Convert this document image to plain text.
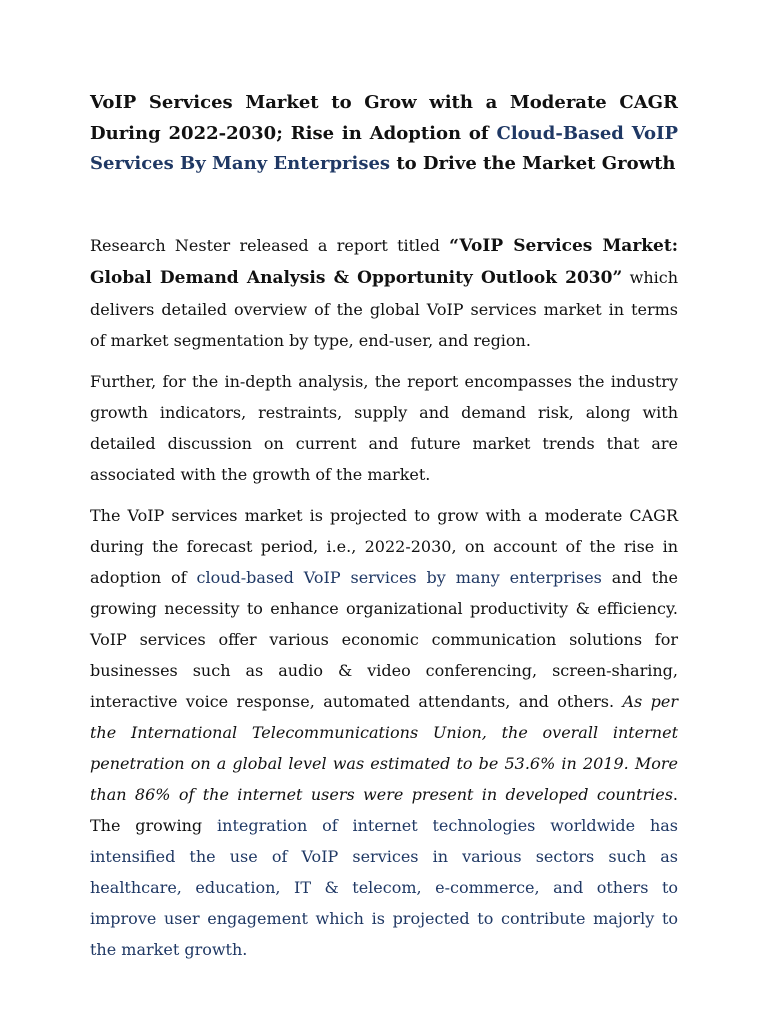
VoIP Services Market to Grow with a Moderate CAGR During 2022-2030; Rise in Adoption of Cloud-Based VoIP Services By Many Enterprises to Drive the Market Growth

Research Nester released a report titled “VoIP Services Market: Global Demand Analysis & Opportunity Outlook 2030” which delivers detailed overview of the global VoIP services market in terms of market segmentation by type, end-user, and region.

Further, for the in-depth analysis, the report encompasses the industry growth indicators, restraints, supply and demand risk, along with detailed discussion on current and future market trends that are associated with the growth of the market.

The VoIP services market is projected to grow with a moderate CAGR during the forecast period, i.e., 2022-2030, on account of the rise in adoption of cloud-based VoIP services by many enterprises and the growing necessity to enhance organizational productivity & efficiency. VoIP services offer various economic communication solutions for businesses such as audio & video conferencing, screen-sharing, interactive voice response, automated attendants, and others. As per the International Telecommunications Union, the overall internet penetration on a global level was estimated to be 53.6% in 2019. More than 86% of the internet users were present in developed countries. The growing integration of internet technologies worldwide has intensified the use of VoIP services in various sectors such as healthcare, education, IT & telecom, e-commerce, and others to improve user engagement which is projected to contribute majorly to the market growth.
